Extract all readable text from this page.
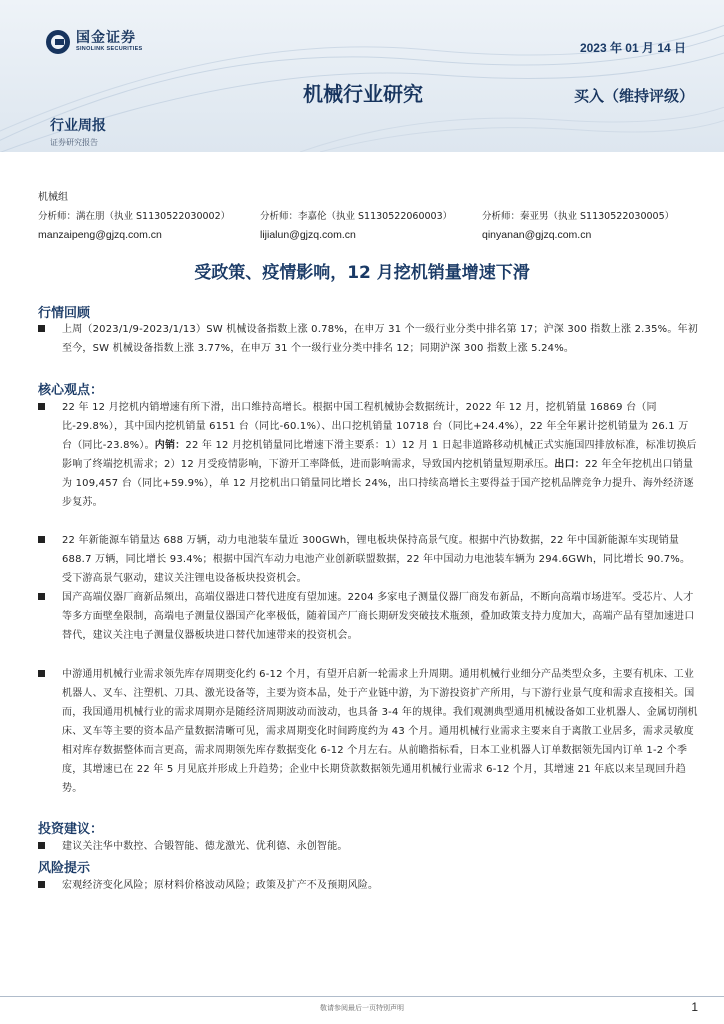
国金证券
SINOLINK SECURITIES	2023 年 01 月 14 日
机械行业研究	买入（维持评级）
行业周报
证券研究报告
机械组
分析师：满在朋（执业 S1130522030002）	分析师：李嘉伦（执业 S1130522060003）	分析师：秦亚男（执业 S1130522030005）
manzaipeng@gjzq.com.cn	lijialun@gjzq.com.cn	qinyanan@gjzq.com.cn
受政策、疫情影响，12 月挖机销量增速下滑
行情回顾
上周（2023/1/9-2023/1/13）SW 机械设备指数上涨 0.78%，在申万 31 个一级行业分类中排名第 17；沪深 300 指数上涨 2.35%。年初至今，SW 机械设备指数上涨 3.77%，在申万 31 个一级行业分类中排名 12；同期沪深 300 指数上涨 5.24%。
核心观点：
22 年 12 月挖机内销增速有所下滑，出口维持高增长。根据中国工程机械协会数据统计，2022 年 12 月，挖机销量 16869 台（同比-29.8%），其中国内挖机销量 6151 台（同比-60.1%）、出口挖机销量 10718 台（同比+24.4%），22 年全年累计挖机销量为 26.1 万台（同比-23.8%）。内销：22 年 12 月挖机销量同比增速下滑主要系：1）12 月 1 日起非道路移动机械正式实施国四排放标准，标准切换后影响了终端挖机需求；2）12 月受疫情影响，下游开工率降低，进而影响需求，导致国内挖机销量短期承压。出口：22 年全年挖机出口销量为 109,457 台（同比+59.9%），单 12 月挖机出口销量同比增长 24%，出口持续高增长主要得益于国产挖机品牌竞争力提升、海外经济逐步复苏。
22 年新能源车销量达 688 万辆，动力电池装车量近 300GWh，锂电板块保持高景气度。根据中汽协数据，22 年中国新能源车实现销量 688.7 万辆，同比增长 93.4%；根据中国汽车动力电池产业创新联盟数据，22 年中国动力电池装车辆为 294.6GWh，同比增长 90.7%。受下游高景气驱动，建议关注锂电设备板块投资机会。
国产高端仪器厂商新品频出，高端仪器进口替代进度有望加速。2204 多家电子测量仪器厂商发布新品，不断向高端市场进军。受芯片、人才等多方面壁垒限制，高端电子测量仪器国产化率极低，随着国产厂商长期研发突破技术瓶颈，叠加政策支持力度加大，高端产品有望加速进口替代，建议关注电子测量仪器板块进口替代加速带来的投资机会。
中游通用机械行业需求领先库存周期变化约 6-12 个月，有望开启新一轮需求上升周期。通用机械行业细分产品类型众多，主要有机床、工业机器人、叉车、注塑机、刀具、激光设备等，主要为资本品，处于产业链中游，为下游投资扩产所用，与下游行业景气度和需求直接相关。国而，我国通用机械行业的需求周期亦是随经济周期波动而波动，也具备 3-4 年的规律。我们观测典型通用机械设备如工业机器人、金属切削机床、叉车等主要的资本品产量数据清晰可见，需求周期变化时间跨度约为 43 个月。通用机械行业需求主要来自于离散工业居多，需求灵敏度相对库存数据整体而言更高，需求周期领先库存数据变化 6-12 个月左右。从前瞻指标看，日本工业机器人订单数据领先国内订单 1-2 个季度，其增速已在 22 年 5 月见底并形成上升趋势；企业中长期贷款数据领先通用机械行业需求 6-12 个月，其增速 21 年底以来呈现回升趋势。
投资建议：
建议关注华中数控、合锻智能、德龙激光、优利德、永创智能。
风险提示
宏观经济变化风险；原材料价格波动风险；政策及扩产不及预期风险。
敬请参阅最后一页特别声明	1
